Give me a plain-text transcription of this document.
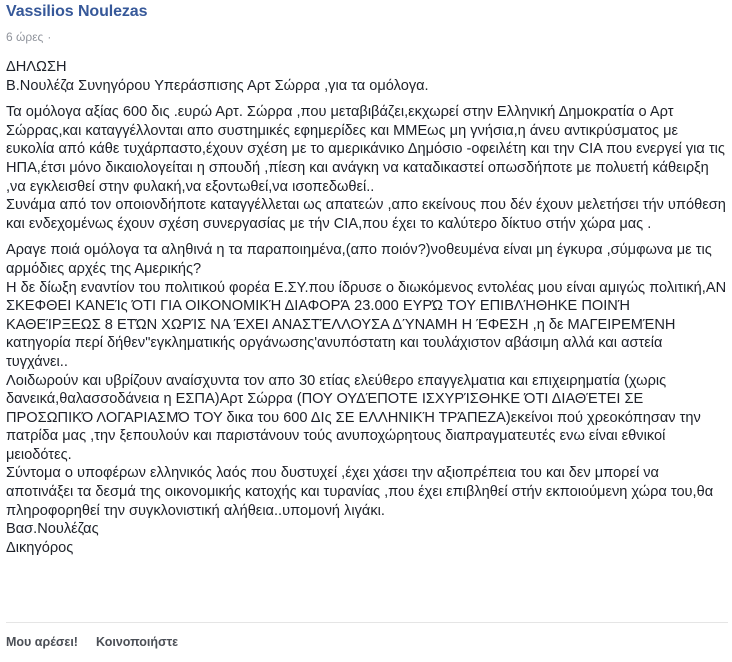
Vassilios Noulezas
6 ώρες ·

ΔΗΛΩΣΗ

Β.Νουλέζα Συνηγόρου Υπεράσπισης Αρτ Σώρρα ,για τα ομόλογα.

Τα ομόλογα αξίας 600 δις .ευρώ Αρτ. Σώρρα ,που μεταβιβάζει,εκχωρεί στην Ελληνική Δημοκρατία ο Αρτ Σώρρας,και καταγγέλλονται απο συστημικές εφημερίδες και ΜΜΕως μη γνήσια,η άνευ αντικρύσματος με ευκολία από κάθε τυχάρπαστο,έχουν σχέση με το αμερικάνικο Δημόσιο -οφειλέτη και την CIA που ενεργεί για τις ΗΠΑ,έτσι μόνο δικαιολογείται η σπουδή ,πίεση και ανάγκη να καταδικαστεί οπωσδήποτε με πολυετή κάθειρξη ,να εγκλεισθεί στην φυλακή,να εξοντωθεί,να ισοπεδωθεί..

Συνάμα από τον οποιονδήποτε καταγγέλλεται ως απατεών ,απο εκείνους που δέν έχουν μελετήσει τήν υπόθεση και ενδεχομένως έχουν σχέση συνεργασίας με τήν CIA,που έχει το καλύτερο δίκτυο στήν χώρα μας .

Αραγε ποιά ομόλογα τα αληθινά η τα παραποιημένα,(απο ποιόν?)νοθευμένα είναι μη έγκυρα ,σύμφωνα με τις αρμόδιες αρχές της Αμερικής?

Η δε δίωξη εναντίον του πολιτικού φορέα Ε.ΣΥ.που ίδρυσε ο διωκόμενος εντολέας μου είναι αμιγώς πολιτική,ΑΝ ΣΚΕΦΘΕΙ ΚΑΝΕΊς ΌΤΙ ΓΙΑ ΟΙΚΟΝΟΜΙΚΉ ΔΙΑΦΟΡΆ 23.000 ΕΥΡΏ ΤΟΥ ΕΠΙΒΛΉΘΗΚΕ ΠΟΙΝΉ ΚΑΘΕΊΡΞΕΩΣ 8 ΕΤΏΝ ΧΩΡΊΣ ΝΑ ΈΧΕΙ ΑΝΑΣΤΈΛΛΟΥΣΑ ΔΎΝΑΜΗ Η ΈΦΕΣΗ ,η δε ΜΑΓΕΙΡΕΜΈΝΗ κατηγορία περί δήθεν"εγκληματικής οργάνωσης'ανυπόστατη και τουλάχιστον αβάσιμη αλλά και αστεία τυγχάνει..

Λοιδωρούν και υβρίζουν αναίσχυντα τον απο 30 ετίας ελεύθερο επαγγελματια και επιχειρηματία (χωρις δανεικά,θαλασσοδάνεια η ΕΣΠΑ)Αρτ Σώρρα (ΠΟΥ ΟΥΔΈΠΟΤΕ ΙΣΧΥΡΊΣΘΗΚΕ ΌΤΙ ΔΙΑΘΈΤΕΙ ΣΕ ΠΡΟΣΩΠΙΚΌ ΛΟΓΑΡΙΑΣΜΌ ΤΟΥ δικα του 600 ΔΙς ΣΕ ΕΛΛΗΝΙΚΉ ΤΡΆΠΕΖΑ)εκείνοι πού χρεοκόπησαν την πατρίδα μας ,την ξεπουλούν και παριστάνουν τούς ανυποχώρητους διαπραγματευτές ενω είναι εθνικοί μειοδότες.

Σύντομα ο υποφέρων ελληνικός λαός που δυστυχεί ,έχει χάσει την αξιοπρέπεια του και δεν μπορεί να αποτινάξει τα δεσμά της οικονομικής κατοχής και τυρανίας ,που έχει επιβληθεί στήν εκποιούμενη χώρα του,θα πληροφορηθεί την συγκλονιστική αλήθεια..υπομονή λιγάκι.

Βασ.Νουλέζας

Δικηγόρος

Μου αρέσει! Κοινοποιήστε
